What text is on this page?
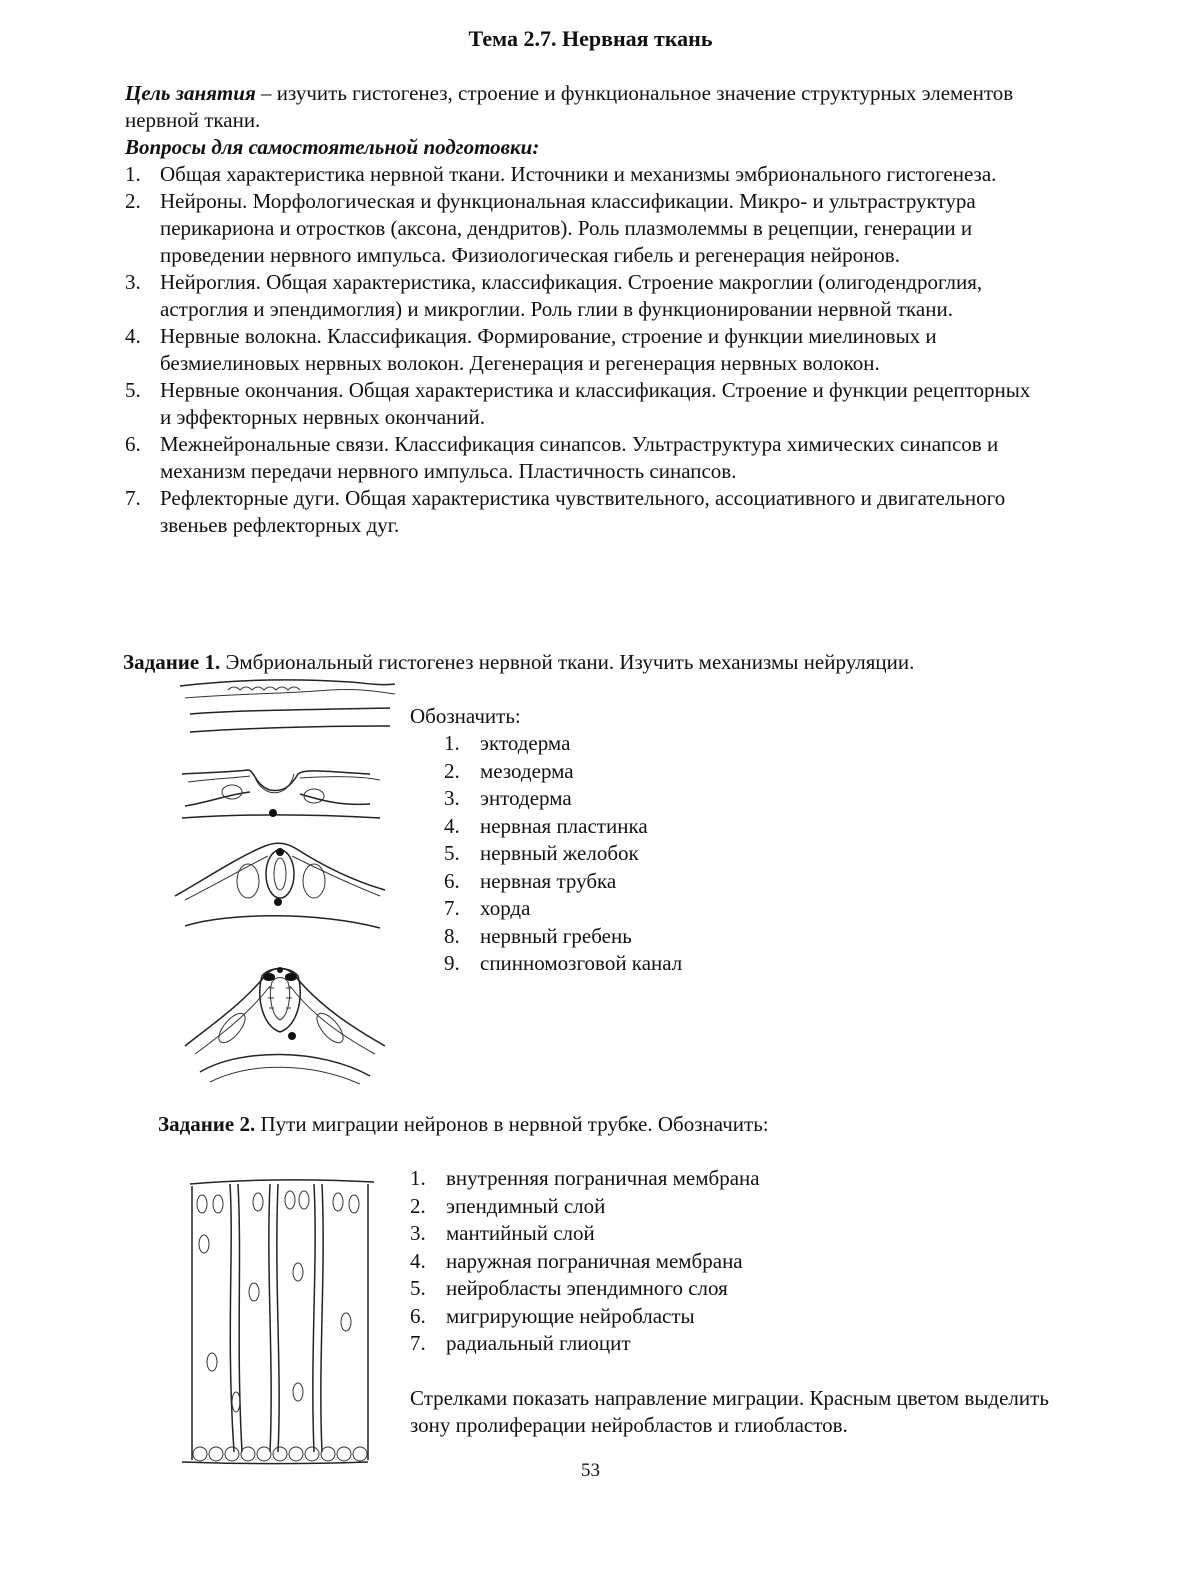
Тема 2.7. Нервная ткань
Цель занятия – изучить гистогенез, строение и функциональное значение структурных элементов нервной ткани.
Вопросы для самостоятельной подготовки:
1. Общая характеристика нервной ткани. Источники и механизмы эмбрионального гистогенеза.
2. Нейроны. Морфологическая и функциональная классификации. Микро- и ультраструктура перикариона и отростков (аксона, дендритов). Роль плазмолеммы в рецепции, генерации и проведении нервного импульса. Физиологическая гибель и регенерация нейронов.
3. Нейроглия. Общая характеристика, классификация. Строение макроглии (олигодендроглия, астроглия и эпендимоглия) и микроглии. Роль глии в функционировании нервной ткани.
4. Нервные волокна. Классификация. Формирование, строение и функции миелиновых и безмиелиновых нервных волокон. Дегенерация и регенерация нервных волокон.
5. Нервные окончания. Общая характеристика и классификация. Строение и функции рецепторных и эффекторных нервных окончаний.
6. Межнейрональные связи. Классификация синапсов. Ультраструктура химических синапсов и механизм передачи нервного импульса. Пластичность синапсов.
7. Рефлекторные дуги. Общая характеристика чувствительного, ассоциативного и двигательного звеньев рефлекторных дуг.
Задание 1. Эмбриональный гистогенез нервной ткани. Изучить механизмы нейруляции.
Обозначить:
1. эктодерма
2. мезодерма
3. энтодерма
4. нервная пластинка
5. нервный желобок
6. нервная трубка
7. хорда
8. нервный гребень
9. спинномозговой канал
Задание 2. Пути миграции нейронов в нервной трубке. Обозначить:
1. внутренняя пограничная мембрана
2. эпендимный слой
3. мантийный слой
4. наружная пограничная мембрана
5. нейробласты эпендимного слоя
6. мигрирующие нейробласты
7. радиальный глиоцит
Стрелками показать направление миграции. Красным цветом выделить зону пролиферации нейробластов и глиобластов.
53
